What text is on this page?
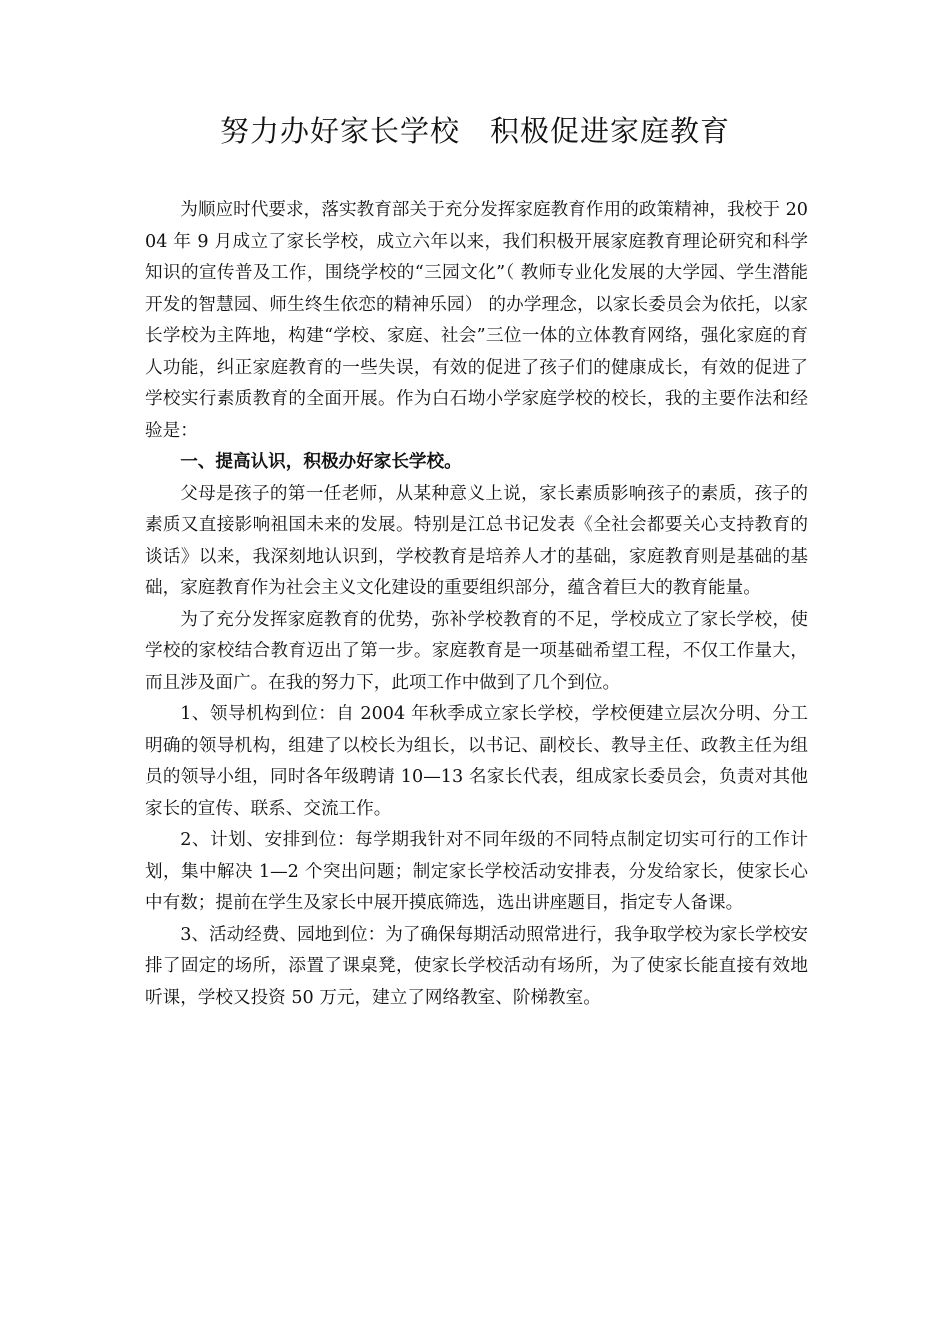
努力办好家长学校　积极促进家庭教育

为顺应时代要求，落实教育部关于充分发挥家庭教育作用的政策精神，我校于 2004 年 9 月成立了家长学校，成立六年以来，我们积极开展家庭教育理论研究和科学知识的宣传普及工作，围绕学校的“三园文化”（ 教师专业化发展的大学园、学生潜能开发的智慧园、师生终生依恋的精神乐园） 的办学理念，以家长委员会为依托，以家长学校为主阵地，构建“学校、家庭、社会”三位一体的立体教育网络，强化家庭的育人功能，纠正家庭教育的一些失误，有效的促进了孩子们的健康成长，有效的促进了学校实行素质教育的全面开展。作为白石坳小学家庭学校的校长，我的主要作法和经验是：

一、提高认识，积极办好家长学校。

父母是孩子的第一任老师，从某种意义上说，家长素质影响孩子的素质，孩子的素质又直接影响祖国未来的发展。特别是江总书记发表《全社会都要关心支持教育的谈话》以来，我深刻地认识到，学校教育是培养人才的基础，家庭教育则是基础的基础，家庭教育作为社会主义文化建设的重要组织部分，蕴含着巨大的教育能量。

为了充分发挥家庭教育的优势，弥补学校教育的不足，学校成立了家长学校，使学校的家校结合教育迈出了第一步。家庭教育是一项基础希望工程，不仅工作量大，而且涉及面广。在我的努力下，此项工作中做到了几个到位。

1、领导机构到位：自 2004 年秋季成立家长学校，学校便建立层次分明、分工明确的领导机构，组建了以校长为组长，以书记、副校长、教导主任、政教主任为组员的领导小组，同时各年级聘请 10—13 名家长代表，组成家长委员会，负责对其他家长的宣传、联系、交流工作。

2、计划、安排到位：每学期我针对不同年级的不同特点制定切实可行的工作计划，集中解决 1—2 个突出问题；制定家长学校活动安排表，分发给家长，使家长心中有数；提前在学生及家长中展开摸底筛选，选出讲座题目，指定专人备课。

3、活动经费、园地到位：为了确保每期活动照常进行，我争取学校为家长学校安排了固定的场所，添置了课桌凳，使家长学校活动有场所，为了使家长能直接有效地听课，学校又投资 50 万元，建立了网络教室、阶梯教室。
